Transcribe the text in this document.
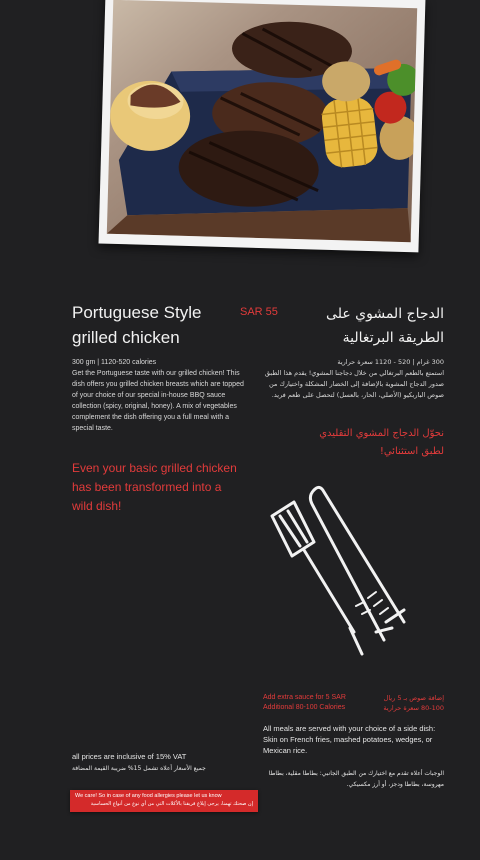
Portuguese Style
grilled chicken
SAR 55	الدجاج المشوي على
الطريقة البرتغالية
300 gm | 1120-520 calories
Get the Portuguese taste with our grilled chicken! This dish offers you grilled chicken breasts which are topped of your choice of our special in-house BBQ sauce collection (spicy, original, honey). A mix of vegetables complement the dish offering you a full meal with a special taste.
300 غرام | 520 - 1120 سعرة حرارية
استمتع بالطعم البرتغالي من خلال دجاجنا المشوي! يقدم هذا الطبق صدور الدجاج المشوية بالإضافة إلى الخضار المشكلة واختيارك من صوص الباربكيو (الأصلي، الحار، بالعسل) لتحصل على طعم فريد.
Even your basic grilled chicken has been transformed into a wild dish!
نحوّل الدجاج المشوي التقليدي
لطبق استثنائي!
Add extra sauce for 5 SAR
Additional 80-100 Calories
إضافة صوص بـ 5 ريال
80-100 سعرة حرارية
All meals are served with your choice of a side dish: Skin on French fries, mashed potatoes, wedges, or Mexican rice.
الوجبات أعلاه تقدم مع اختيارك من الطبق الجانبي: بطاطا مقلية، بطاطا مهروسة، بطاطا ودجز، أو أرز مكسيكي.
all prices are inclusive of 15% VAT
جميع الأسعار أعلاه تشمل 15% ضريبة القيمة المضافة
We care! So in case of any food allergies please let us know
إن صحتك تهمنا، يرجى إبلاغ فريقنا بالأكلات التي من أي نوع من أنواع الحساسية
